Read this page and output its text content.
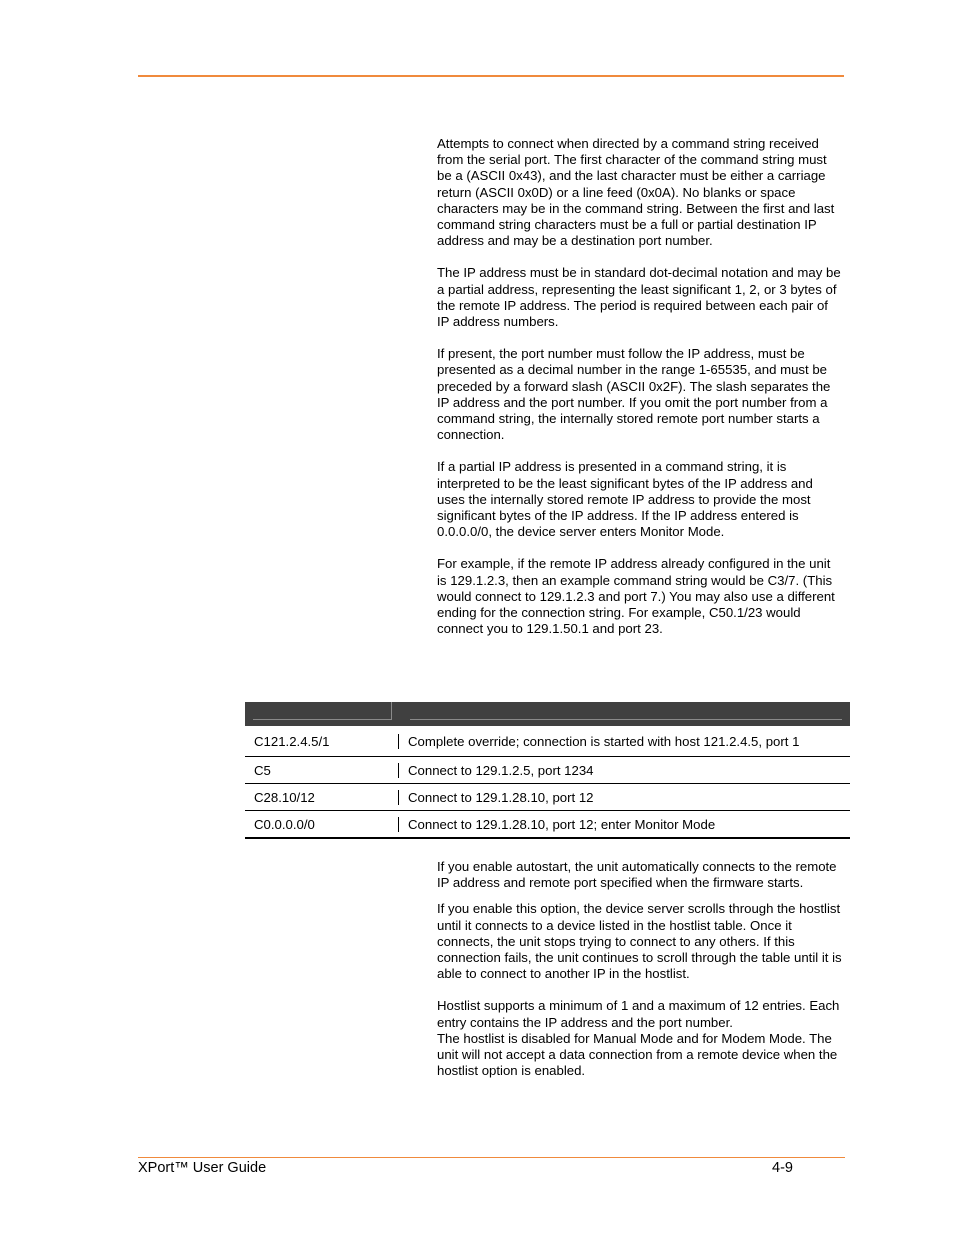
Attempts to connect when directed by a command string received from the serial port. The first character of the command string must be a (ASCII 0x43), and the last character must be either a carriage return (ASCII 0x0D) or a line feed (0x0A). No blanks or space characters may be in the command string. Between the first and last command string characters must be a full or partial destination IP address and may be a destination port number.

The IP address must be in standard dot-decimal notation and may be a partial address, representing the least significant 1, 2, or 3 bytes of the remote IP address. The period is required between each pair of IP address numbers.

If present, the port number must follow the IP address, must be presented as a decimal number in the range 1-65535, and must be preceded by a forward slash (ASCII 0x2F). The slash separates the IP address and the port number. If you omit the port number from a command string, the internally stored remote port number starts a connection.

If a partial IP address is presented in a command string, it is interpreted to be the least significant bytes of the IP address and uses the internally stored remote IP address to provide the most significant bytes of the IP address. If the IP address entered is 0.0.0.0/0, the device server enters Monitor Mode.

For example, if the remote IP address already configured in the unit is 129.1.2.3, then an example command string would be C3/7. (This would connect to 129.1.2.3 and port 7.) You may also use a different ending for the connection string. For example, C50.1/23 would connect you to 129.1.50.1 and port 23.

C121.2.4.5/1	Complete override; connection is started with host 121.2.4.5, port 1
C5	Connect to 129.1.2.5, port 1234
C28.10/12	Connect to 129.1.28.10, port 12
C0.0.0.0/0	Connect to 129.1.28.10, port 12; enter Monitor Mode

If you enable autostart, the unit automatically connects to the remote IP address and remote port specified when the firmware starts.

If you enable this option, the device server scrolls through the hostlist until it connects to a device listed in the hostlist table. Once it connects, the unit stops trying to connect to any others. If this connection fails, the unit continues to scroll through the table until it is able to connect to another IP in the hostlist.

Hostlist supports a minimum of 1 and a maximum of 12 entries. Each entry contains the IP address and the port number.

The hostlist is disabled for Manual Mode and for Modem Mode. The unit will not accept a data connection from a remote device when the hostlist option is enabled.

XPort™ User Guide	4-9
